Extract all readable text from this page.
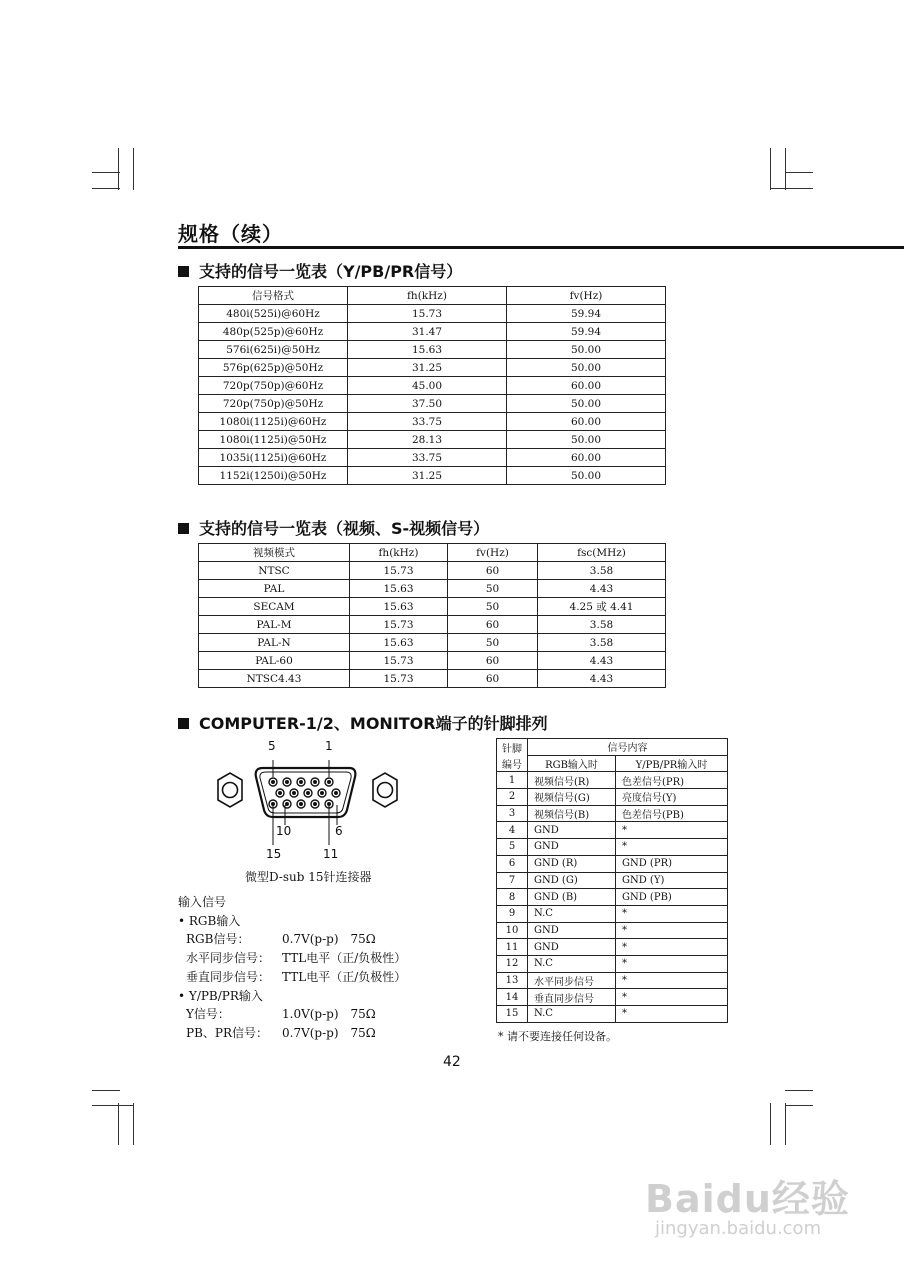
规格（续）
支持的信号一览表（Y/PB/PR信号）
信号格式	fh(kHz)	fv(Hz)
480i(525i)@60Hz	15.73	59.94
480p(525p)@60Hz	31.47	59.94
576i(625i)@50Hz	15.63	50.00
576p(625p)@50Hz	31.25	50.00
720p(750p)@60Hz	45.00	60.00
720p(750p)@50Hz	37.50	50.00
1080i(1125i)@60Hz	33.75	60.00
1080i(1125i)@50Hz	28.13	50.00
1035i(1125i)@60Hz	33.75	60.00
1152i(1250i)@50Hz	31.25	50.00
支持的信号一览表（视频、S-视频信号）
视频模式	fh(kHz)	fv(Hz)	fsc(MHz)
NTSC	15.73	60	3.58
PAL	15.63	50	4.43
SECAM	15.63	50	4.25 或 4.41
PAL-M	15.73	60	3.58
PAL-N	15.63	50	3.58
PAL-60	15.73	60	4.43
NTSC4.43	15.73	60	4.43
COMPUTER-1/2、MONITOR端子的针脚排列
5	1
10	6
15	11
微型D-sub 15针连接器
输入信号
• RGB输入
RGB信号：	0.7V(p-p)　75Ω
水平同步信号： TTL电平（正/负极性）
垂直同步信号： TTL电平（正/负极性）
• Y/PB/PR输入
Y信号：	1.0V(p-p)　75Ω
PB、PR信号： 0.7V(p-p)　75Ω
针脚	信号内容	
编号	RGB输入时	Y/PB/PR输入时
1	视频信号(R)	色差信号(PR)
2	视频信号(G)	亮度信号(Y)
3	视频信号(B)	色差信号(PB)
4	GND	*
5	GND	*
6	GND (R)	GND (PR)
7	GND (G)	GND (Y)
8	GND (B)	GND (PB)
9	N.C	*
10	GND	*
11	GND	*
12	N.C	*
13	水平同步信号	*
14	垂直同步信号	*
15	N.C	*
* 请不要连接任何设备。
42
Baidu经验
jingyan.baidu.com
